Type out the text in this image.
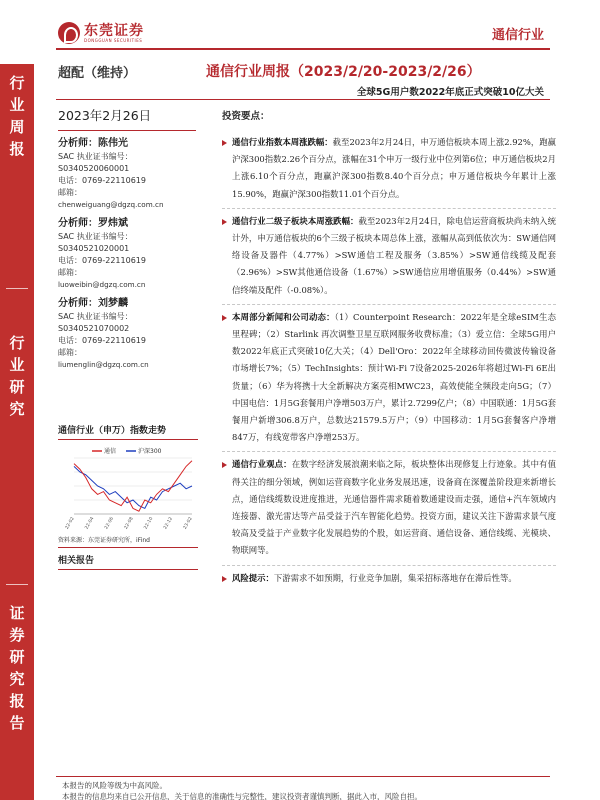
东莞证券
DONGGUAN SECURITIES	通信行业
行
业
周
报
行
业
研
究
证
券
研
究
报
告
超配（维持）	通信行业周报（2023/2/20-2023/2/26）
全球5G用户数2022年底正式突破10亿大关
2023年2月26日
分析师：陈伟光
SAC 执业证书编号：
S0340520060001
电话：0769-22110619
邮箱：
chenweiguang@dgzq.com.cn
分析师：罗炜斌
SAC 执业证书编号：
S0340521020001
电话：0769-22110619
邮箱：
luoweibin@dgzq.com.cn
分析师：刘梦麟
SAC 执业证书编号：
S0340521070002
电话：0769-22110619
邮箱：
liumenglin@dgzq.com.cn
通信行业（申万）指数走势
通信	沪深300
22-02 22-04 22-06 22-08 22-10 22-12 23-02
资料来源：东莞证券研究所，iFind
相关报告
投资要点：
通信行业指数本周涨跌幅：截至2023年2月24日，申万通信板块本周上涨2.92%，跑赢沪深300指数2.26个百分点，涨幅在31个申万一级行业中位列第6位；申万通信板块2月上涨6.10个百分点，跑赢沪深300指数8.40个百分点；申万通信板块今年累计上涨15.90%，跑赢沪深300指数11.01个百分点。
通信行业二级子板块本周涨跌幅：截至2023年2月24日，除电信运营商板块尚未纳入统计外，申万通信板块的6个三级子板块本周总体上涨，涨幅从高到低依次为：SW通信网络设备及器件（4.77%）>SW通信工程及服务（3.85%）>SW通信线缆及配套（2.96%）>SW其他通信设备（1.67%）>SW通信应用增值服务（0.44%）>SW通信终端及配件（-0.08%）。
本周部分新闻和公司动态：（1）Counterpoint Research：2022年是全球eSIM生态里程碑；（2）Starlink 再次调整卫星互联网服务收费标准；（3）爱立信：全球5G用户数2022年底正式突破10亿大关；（4）Dell'Oro：2022年全球移动回传微波传输设备市场增长7%；（5）TechInsights：预计Wi-Fi 7设备2025-2026年将超过Wi-Fi 6E出货量；（6）华为将携十大全新解决方案亮相MWC23，高效使能全频段走向5G；（7）中国电信：1月5G套餐用户净增503万户，累计2.7299亿户；（8）中国联通：1月5G套餐用户新增306.8万户，总数达21579.5万户；（9）中国移动：1月5G套餐客户净增847万，有线宽带客户净增253万。
通信行业观点：在数字经济发展浪潮来临之际，板块整体出现修复上行迹象。其中有值得关注的细分领域，例如运营商数字化业务发展迅速，设备商在深覆盖阶段迎来新增长点，通信线缆数设进度推进，光通信器件需求随着数通建设而走强，通信+汽车领域内连接器、激光雷达等产品受益于汽车智能化趋势。投资方面，建议关注下游需求景气度较高及受益于产业数字化发展趋势的个股，如运营商、通信设备、通信线缆、光模块、物联网等。
风险提示：下游需求不如预期，行业竞争加剧，集采招标落地存在滞后性等。
本报告的风险等级为中高风险。
本报告的信息均来自已公开信息，关于信息的准确性与完整性，建议投资者谨慎判断，据此入市，风险自担。
